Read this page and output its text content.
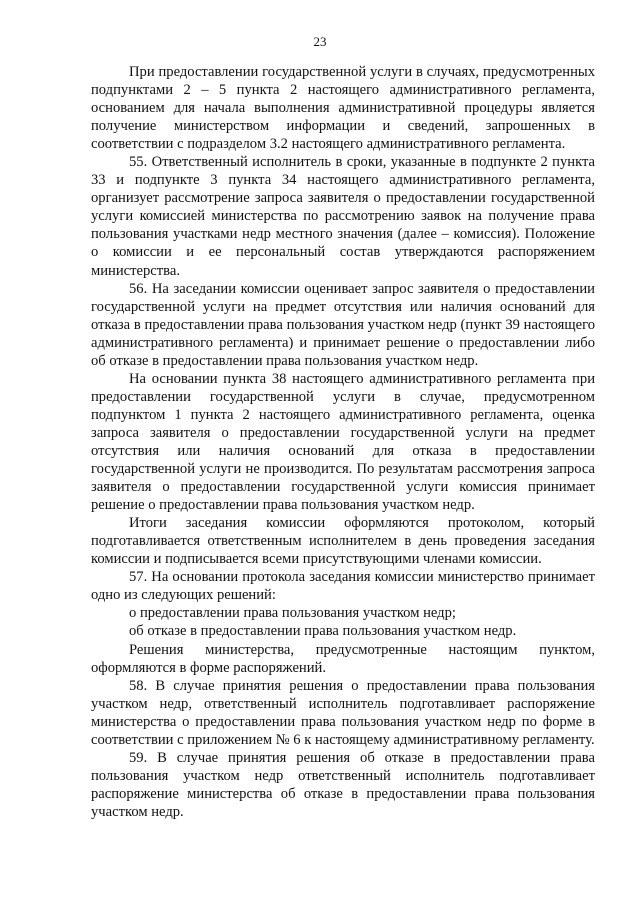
23

При предоставлении государственной услуги в случаях, предусмотренных подпунктами 2 – 5 пункта 2 настоящего административного регламента, основанием для начала выполнения административной процедуры является получение министерством информации и сведений, запрошенных в соответствии с подразделом 3.2 настоящего административного регламента.

55. Ответственный исполнитель в сроки, указанные в подпункте 2 пункта 33 и подпункте 3 пункта 34 настоящего административного регламента, организует рассмотрение запроса заявителя о предоставлении государственной услуги комиссией министерства по рассмотрению заявок на получение права пользования участками недр местного значения (далее – комиссия). Положение о комиссии и ее персональный состав утверждаются распоряжением министерства.

56. На заседании комиссии оценивает запрос заявителя о предоставлении государственной услуги на предмет отсутствия или наличия оснований для отказа в предоставлении права пользования участком недр (пункт 39 настоящего административного регламента) и принимает решение о предоставлении либо об отказе в предоставлении права пользования участком недр.

На основании пункта 38 настоящего административного регламента при предоставлении государственной услуги в случае, предусмотренном подпунктом 1 пункта 2 настоящего административного регламента, оценка запроса заявителя о предоставлении государственной услуги на предмет отсутствия или наличия оснований для отказа в предоставлении государственной услуги не производится. По результатам рассмотрения запроса заявителя о предоставлении государственной услуги комиссия принимает решение о предоставлении права пользования участком недр.

Итоги заседания комиссии оформляются протоколом, который подготавливается ответственным исполнителем в день проведения заседания комиссии и подписывается всеми присутствующими членами комиссии.

57. На основании протокола заседания комиссии министерство принимает одно из следующих решений:

о предоставлении права пользования участком недр;

об отказе в предоставлении права пользования участком недр.

Решения министерства, предусмотренные настоящим пунктом, оформляются в форме распоряжений.

58. В случае принятия решения о предоставлении права пользования участком недр, ответственный исполнитель подготавливает распоряжение министерства о предоставлении права пользования участком недр по форме в соответствии с приложением № 6 к настоящему административному регламенту.

59. В случае принятия решения об отказе в предоставлении права пользования участком недр ответственный исполнитель подготавливает распоряжение министерства об отказе в предоставлении права пользования участком недр.
